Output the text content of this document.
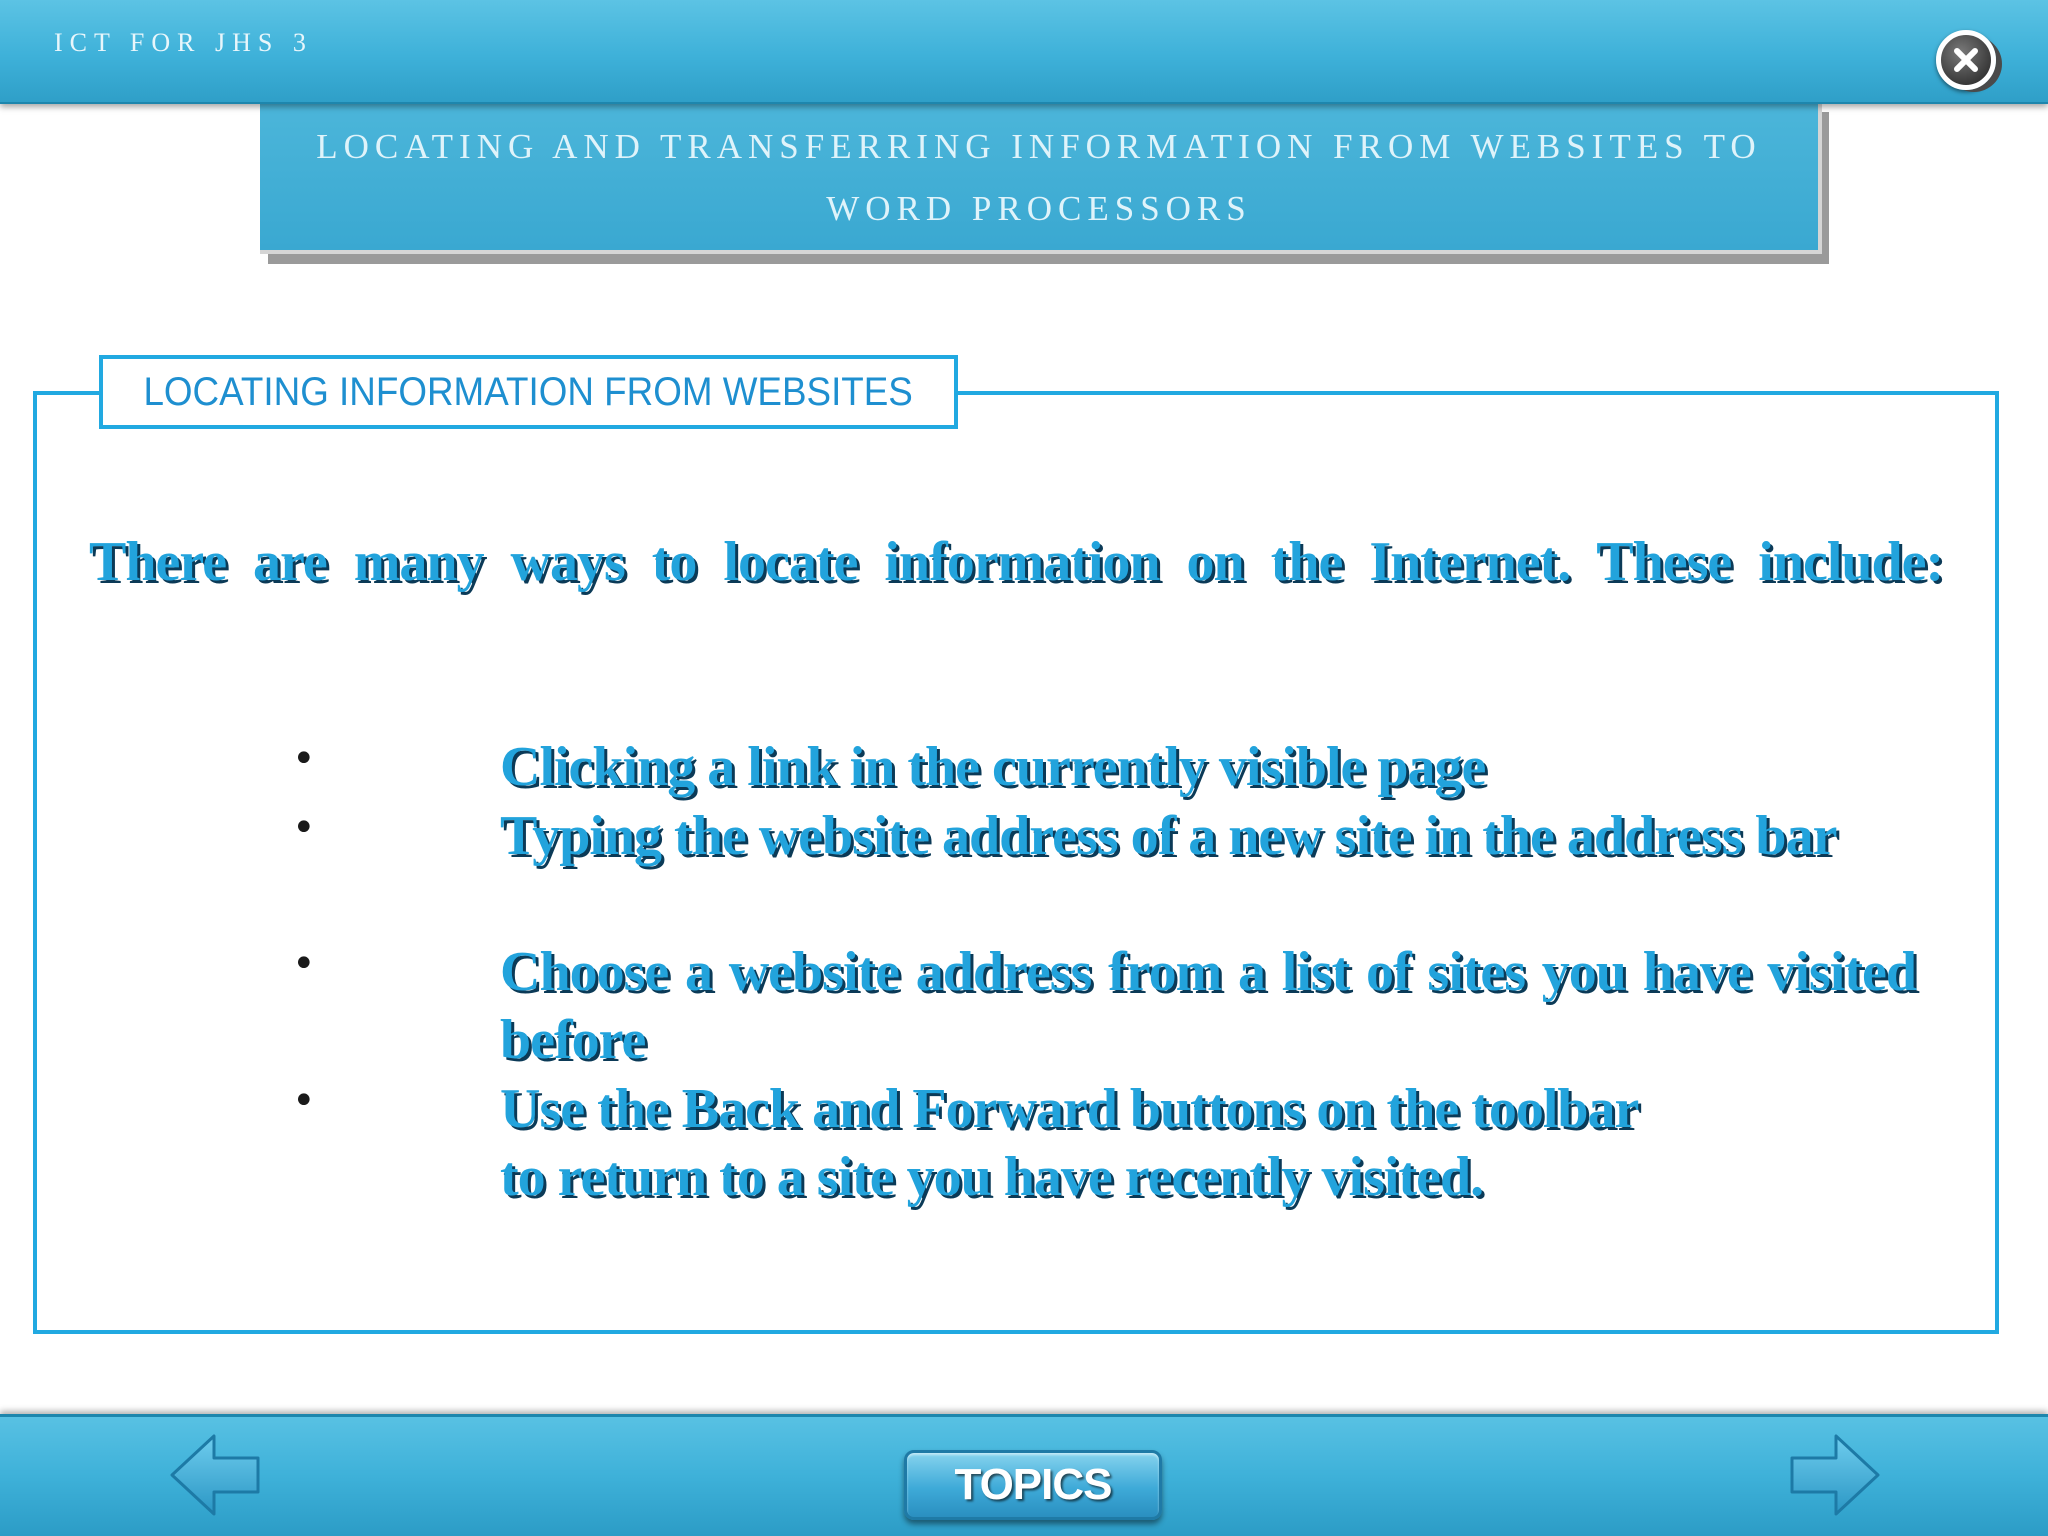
ICT FOR JHS 3
LOCATING AND TRANSFERRING INFORMATION FROM WEBSITES TO
WORD PROCESSORS
LOCATING INFORMATION FROM WEBSITES
There are many ways to locate information on the Internet. These include:
•	Clicking a link in the currently visible page
•	Typing the website address of a new site in the address bar
•	Choose a website address from a list of sites you have visited before
•	Use the Back and Forward buttons on the toolbar
to return to a site you have recently visited.
TOPICS
